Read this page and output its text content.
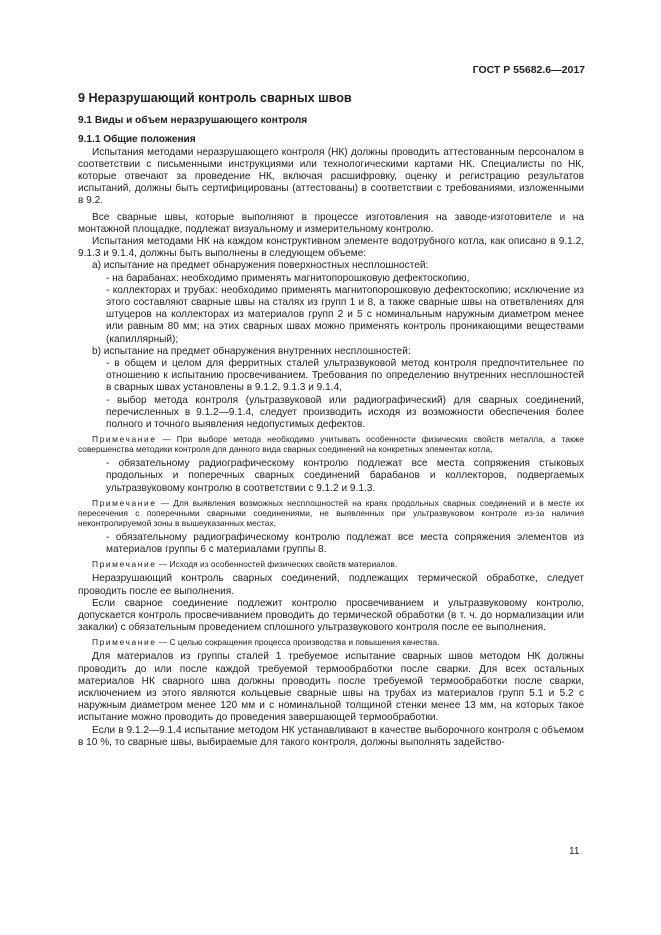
ГОСТ Р 55682.6—2017
9 Неразрушающий контроль сварных швов
9.1 Виды и объем неразрушающего контроля
9.1.1 Общие положения

Испытания методами неразрушающего контроля (НК) должны проводить аттестованным персоналом в соответствии с письменными инструкциями или технологическими картами НК. Специалисты по НК, которые отвечают за проведение НК, включая расшифровку, оценку и регистрацию результатов испытаний, должны быть сертифицированы (аттестованы) в соответствии с требованиями, изложенными в 9.2.

Все сварные швы, которые выполняют в процессе изготовления на заводе-изготовителе и на монтажной площадке, подлежат визуальному и измерительному контролю.

Испытания методами НК на каждом конструктивном элементе водотрубного котла, как описано в 9.1.2, 9.1.3 и 9.1.4, должны быть выполнены в следующем объеме:

a) испытание на предмет обнаружения поверхностных несплошностей:

- на барабанах: необходимо применять магнитопорошковую дефектоскопию,

- коллекторах и трубах: необходимо применять магнитопорошковую дефектоскопию; исключение из этого составляют сварные швы на сталях из групп 1 и 8, а также сварные швы на ответвлениях для штуцеров на коллекторах из материалов групп 2 и 5 с номинальным наружным диаметром менее или равным 80 мм; на этих сварных швах можно применять контроль проникающими веществами (капиллярный);

b) испытание на предмет обнаружения внутренних несплошностей:

- в общем и целом для ферритных сталей ультразвуковой метод контроля предпочтительнее по отношению к испытанию просвечиванием. Требования по определению внутренних несплошностей в сварных швах установлены в 9.1.2, 9.1.3 и 9.1.4,

- выбор метода контроля (ультразвуковой или радиографический) для сварных соединений, перечисленных в 9.1.2—9.1.4, следует производить исходя из возможности обеспечения более полного и точного выявления недопустимых дефектов.

Примечание — При выборе метода необходимо учитывать особенности физических свойств металла, а также совершенства методики контроля для данного вида сварных соединений на конкретных элементах котла,

- обязательному радиографическому контролю подлежат все места сопряжения стыковых продольных и поперечных сварных соединений барабанов и коллекторов, подвергаемых ультразвуковому контролю в соответствии с 9.1.2 и 9.1.3.

Примечание — Для выявления возможных несплошностей на краях продольных сварных соединений и в месте их пересечения с поперечными сварными соединениями, не выявленных при ультразвуковом контроле из-за наличия неконтролируемой зоны в вышеуказанных местах,

- обязательному радиографическому контролю подлежат все места сопряжения элементов из материалов группы 6 с материалами группы 8.

Примечание — Исходя из особенностей физических свойств материалов.

Неразрушающий контроль сварных соединений, подлежащих термической обработке, следует проводить после ее выполнения.

Если сварное соединение подлежит контролю просвечиванием и ультразвуковому контролю, допускается контроль просвечиванием проводить до термической обработки (в т. ч. до нормализации или закалки) с обязательным проведением сплошного ультразвукового контроля после ее выполнения.

Примечание — С целью сокращения процесса производства и повышения качества.

Для материалов из группы сталей 1 требуемое испытание сварных швов методом НК должны проводить до или после каждой требуемой термообработки после сварки. Для всех остальных материалов НК сварного шва должны проводить после требуемой термообработки после сварки, исключением из этого являются кольцевые сварные швы на трубах из материалов групп 5.1 и 5.2 с наружным диаметром менее 120 мм и с номинальной толщиной стенки менее 13 мм, на которых такое испытание можно проводить до проведения завершающей термообработки.

Если в 9.1.2—9.1.4 испытание методом НК устанавливают в качестве выборочного контроля с объемом в 10 %, то сварные швы, выбираемые для такого контроля, должны выполнять задейство-

11
